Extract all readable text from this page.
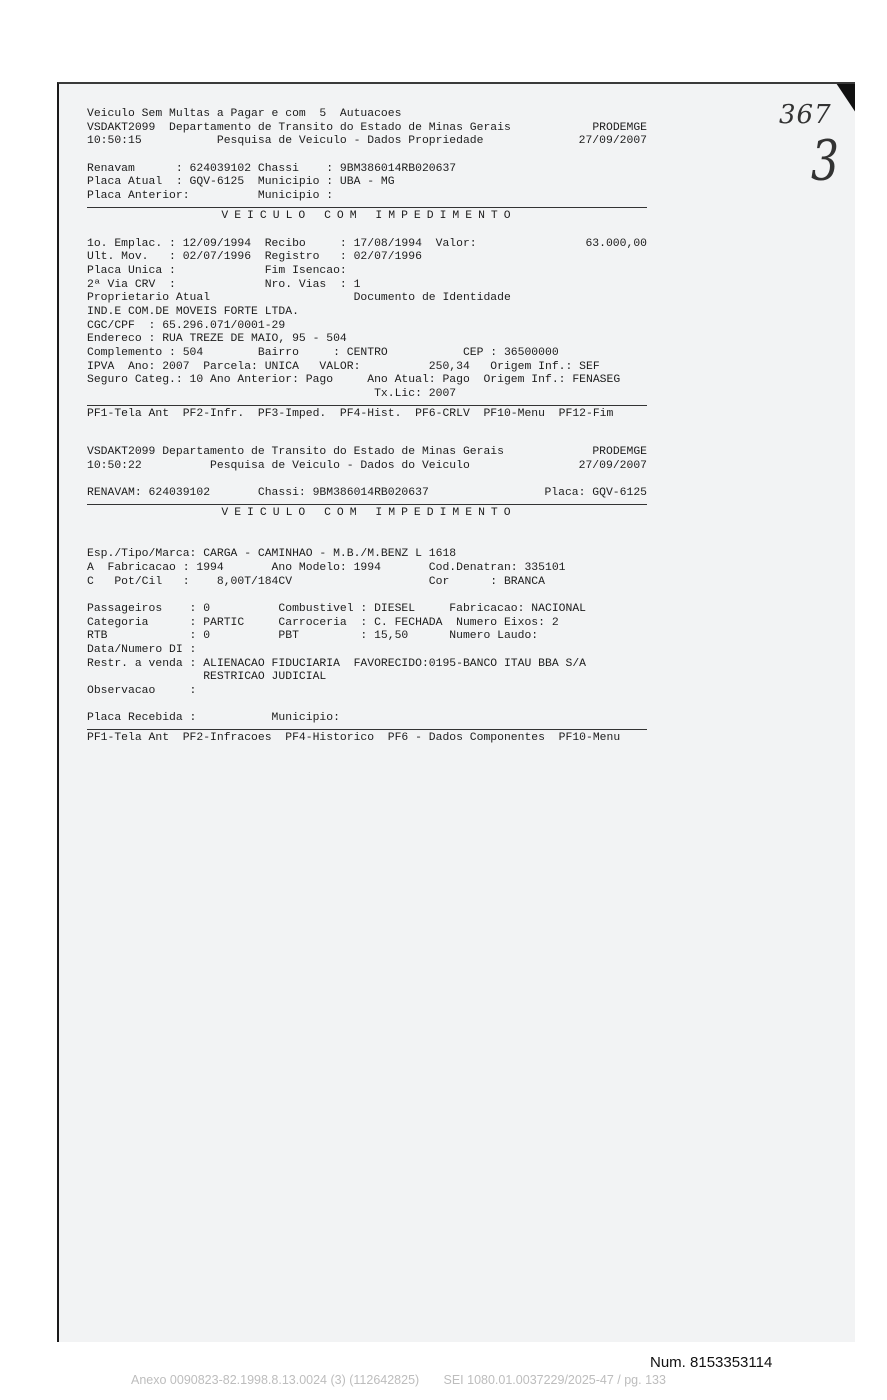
367
3
Veiculo Sem Multas a Pagar e com  5  Autuacoes
VSDAKT2099  Departamento de Transito do Estado de Minas Gerais	PRODEMGE
10:50:15           Pesquisa de Veiculo - Dados Propriedade	27/09/2007
Renavam      : 624039102 Chassi    : 9BM386014RB020637
Placa Atual  : GQV-6125  Municipio : UBA - MG
Placa Anterior:          Municipio :
VEICULO COM IMPEDIMENTO
1o. Emplac. : 12/09/1994  Recibo     : 17/08/1994  Valor:	63.000,00
Ult. Mov.   : 02/07/1996  Registro   : 02/07/1996
Placa Unica :             Fim Isencao:
2ª Via CRV  :             Nro. Vias  : 1
Proprietario Atual                     Documento de Identidade
IND.E COM.DE MOVEIS FORTE LTDA.
CGC/CPF  : 65.296.071/0001-29
Endereco : RUA TREZE DE MAIO, 95 - 504
Complemento : 504        Bairro     : CENTRO           CEP : 36500000
IPVA  Ano: 2007  Parcela: UNICA   VALOR:          250,34   Origem Inf.: SEF
Seguro Categ.: 10 Ano Anterior: Pago     Ano Atual: Pago  Origem Inf.: FENASEG
Tx.Lic: 2007
PF1-Tela Ant  PF2-Infr.  PF3-Imped.  PF4-Hist.  PF6-CRLV  PF10-Menu  PF12-Fim
VSDAKT2099 Departamento de Transito do Estado de Minas Gerais	PRODEMGE
10:50:22          Pesquisa de Veiculo - Dados do Veiculo	27/09/2007
RENAVAM: 624039102       Chassi: 9BM386014RB020637	Placa: GQV-6125
VEICULO COM IMPEDIMENTO
Esp./Tipo/Marca: CARGA - CAMINHAO - M.B./M.BENZ L 1618
A  Fabricacao : 1994       Ano Modelo: 1994       Cod.Denatran: 335101
C   Pot/Cil   :    8,00T/184CV                    Cor      : BRANCA
Passageiros    : 0          Combustivel : DIESEL     Fabricacao: NACIONAL
Categoria      : PARTIC     Carroceria  : C. FECHADA  Numero Eixos: 2
RTB            : 0          PBT         : 15,50      Numero Laudo:
Data/Numero DI :
Restr. a venda : ALIENACAO FIDUCIARIA  FAVORECIDO:0195-BANCO ITAU BBA S/A
RESTRICAO JUDICIAL
Observacao     :
Placa Recebida :           Municipio:
PF1-Tela Ant  PF2-Infracoes  PF4-Historico  PF6 - Dados Componentes  PF10-Menu
Num. 8153353114
Anexo 0090823-82.1998.8.13.0024 (3) (112642825)       SEI 1080.01.0037229/2025-47 / pg. 133
